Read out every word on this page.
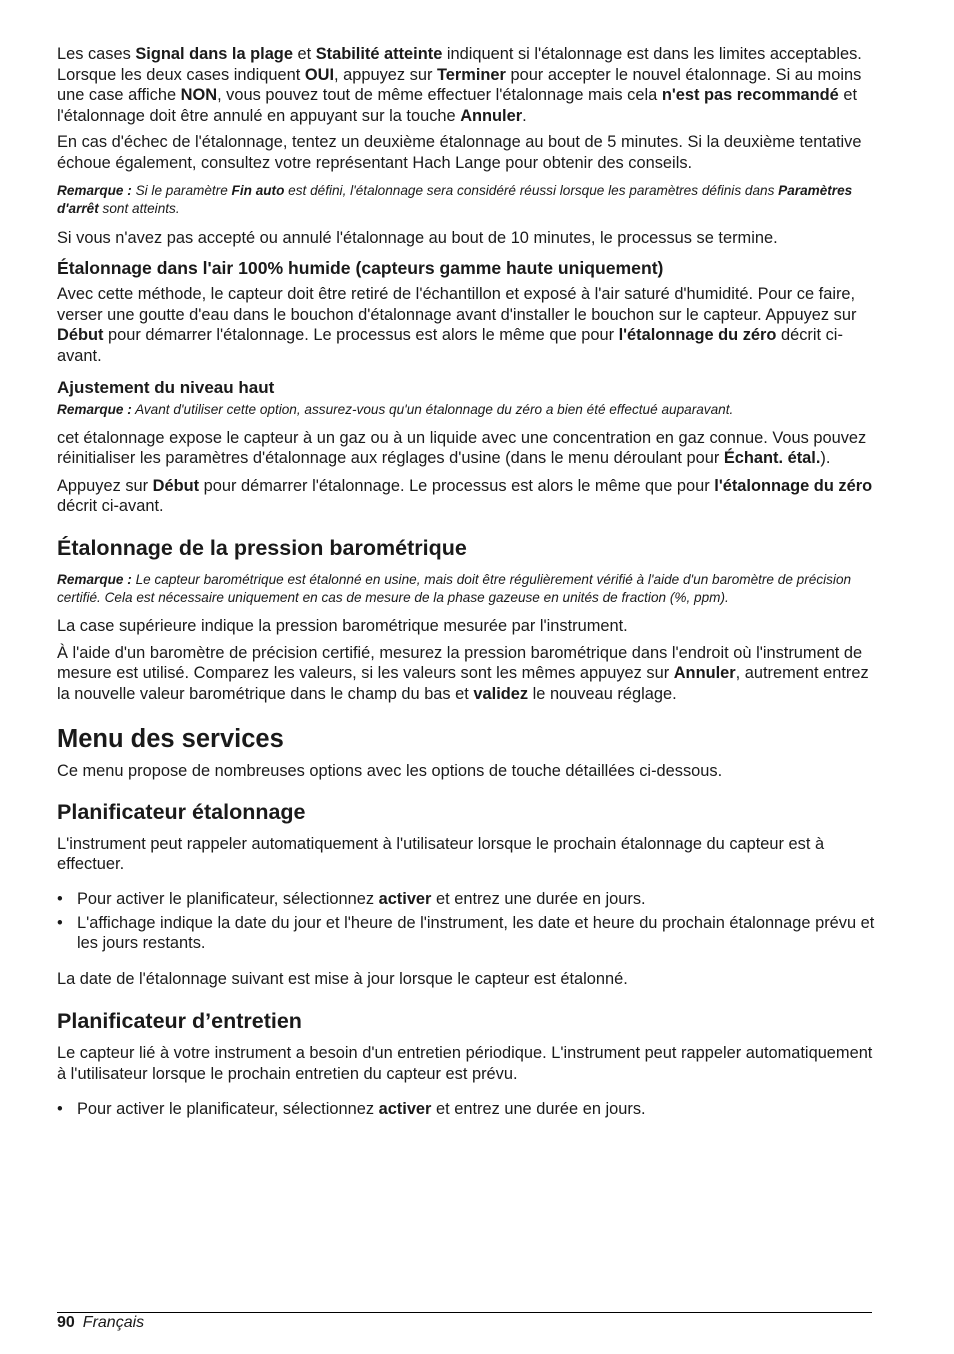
Les cases Signal dans la plage et Stabilité atteinte indiquent si l'étalonnage est dans les limites acceptables. Lorsque les deux cases indiquent OUI, appuyez sur Terminer pour accepter le nouvel étalonnage. Si au moins une case affiche NON, vous pouvez tout de même effectuer l'étalonnage mais cela n'est pas recommandé et l'étalonnage doit être annulé en appuyant sur la touche Annuler.

En cas d'échec de l'étalonnage, tentez un deuxième étalonnage au bout de 5 minutes. Si la deuxième tentative échoue également, consultez votre représentant Hach Lange pour obtenir des conseils.

Remarque : Si le paramètre Fin auto est défini, l'étalonnage sera considéré réussi lorsque les paramètres définis dans Paramètres d'arrêt sont atteints.

Si vous n'avez pas accepté ou annulé l'étalonnage au bout de 10 minutes, le processus se termine.

Étalonnage dans l'air 100% humide (capteurs gamme haute uniquement)

Avec cette méthode, le capteur doit être retiré de l'échantillon et exposé à l'air saturé d'humidité. Pour ce faire, verser une goutte d'eau dans le bouchon d'étalonnage avant d'installer le bouchon sur le capteur. Appuyez sur Début pour démarrer l'étalonnage. Le processus est alors le même que pour l'étalonnage du zéro décrit ci-avant.

Ajustement du niveau haut

Remarque : Avant d'utiliser cette option, assurez-vous qu'un étalonnage du zéro a bien été effectué auparavant.

cet étalonnage expose le capteur à un gaz ou à un liquide avec une concentration en gaz connue. Vous pouvez réinitialiser les paramètres d'étalonnage aux réglages d'usine (dans le menu déroulant pour Échant. étal.).

Appuyez sur Début pour démarrer l'étalonnage. Le processus est alors le même que pour l'étalonnage du zéro décrit ci-avant.

Étalonnage de la pression barométrique

Remarque : Le capteur barométrique est étalonné en usine, mais doit être régulièrement vérifié à l'aide d'un baromètre de précision certifié. Cela est nécessaire uniquement en cas de mesure de la phase gazeuse en unités de fraction (%, ppm).

La case supérieure indique la pression barométrique mesurée par l'instrument.

À l'aide d'un baromètre de précision certifié, mesurez la pression barométrique dans l'endroit où l'instrument de mesure est utilisé. Comparez les valeurs, si les valeurs sont les mêmes appuyez sur Annuler, autrement entrez la nouvelle valeur barométrique dans le champ du bas et validez le nouveau réglage.

Menu des services

Ce menu propose de nombreuses options avec les options de touche détaillées ci-dessous.

Planificateur étalonnage

L'instrument peut rappeler automatiquement à l'utilisateur lorsque le prochain étalonnage du capteur est à effectuer.

• Pour activer le planificateur, sélectionnez activer et entrez une durée en jours.
• L'affichage indique la date du jour et l'heure de l'instrument, les date et heure du prochain étalonnage prévu et les jours restants.

La date de l'étalonnage suivant est mise à jour lorsque le capteur est étalonné.

Planificateur d’entretien

Le capteur lié à votre instrument a besoin d'un entretien périodique. L'instrument peut rappeler automatiquement à l'utilisateur lorsque le prochain entretien du capteur est prévu.

• Pour activer le planificateur, sélectionnez activer et entrez une durée en jours.
90 Français
